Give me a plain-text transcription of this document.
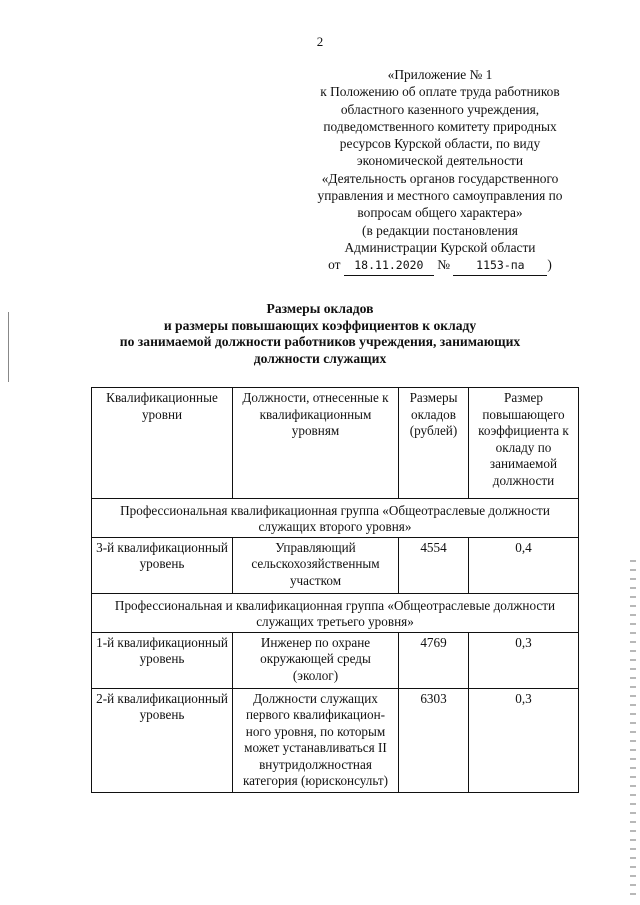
2
«Приложение № 1
к Положению об оплате труда работников
областного казенного учреждения,
подведомственного комитету природных
ресурсов Курской области, по виду
экономической деятельности
«Деятельность органов государственного
управления и местного самоуправления по
вопросам общего характера»
(в редакции постановления
Администрации Курской области
от 18.11.2020 № 1153-па )
Размеры окладов
и размеры повышающих коэффициентов к окладу
по занимаемой должности работников учреждения, занимающих
должности служащих
Квалификационные уровни	Должности, отнесенные к квалификационным уровням	Размеры окладов (рублей)	Размер повышающего коэффициента к окладу по занимаемой должности
Профессиональная квалификационная группа «Общеотраслевые должности служащих второго уровня»			
3-й квалификационный уровень	Управляющий сельскохозяйственным участком	4554	0,4
Профессиональная и квалификационная группа «Общеотраслевые должности служащих третьего уровня»			
1-й квалификационный уровень	Инженер по охране окружающей среды (эколог)	4769	0,3
2-й квалификационный уровень	Должности служащих первого квалификацион-ного уровня, по которым может устанавливаться II внутридолжностная категория (юрисконсульт)	6303	0,3
